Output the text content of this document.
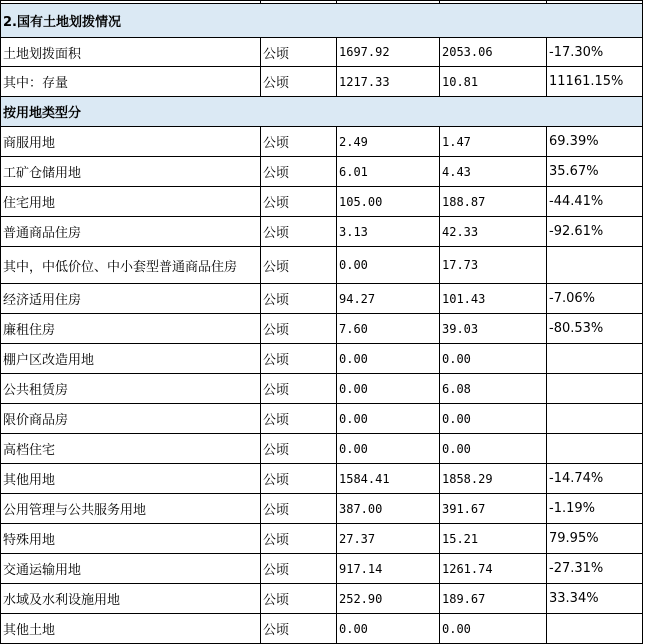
2.国有土地划拨情况				
土地划拨面积	公顷	1697.92	2053.06	-17.30%
其中：存量	公顷	1217.33	10.81	11161.15%
按用地类型分				
商服用地	公顷	2.49	1.47	69.39%
工矿仓储用地	公顷	6.01	4.43	35.67%
住宅用地	公顷	105.00	188.87	-44.41%
普通商品住房	公顷	3.13	42.33	-92.61%
其中，中低价位、中小套型普通商品住房	公顷	0.00	17.73	
经济适用住房	公顷	94.27	101.43	-7.06%
廉租住房	公顷	7.60	39.03	-80.53%
棚户区改造用地	公顷	0.00	0.00	
公共租赁房	公顷	0.00	6.08	
限价商品房	公顷	0.00	0.00	
高档住宅	公顷	0.00	0.00	
其他用地	公顷	1584.41	1858.29	-14.74%
公用管理与公共服务用地	公顷	387.00	391.67	-1.19%
特殊用地	公顷	27.37	15.21	79.95%
交通运输用地	公顷	917.14	1261.74	-27.31%
水域及水利设施用地	公顷	252.90	189.67	33.34%
其他土地	公顷	0.00	0.00	
